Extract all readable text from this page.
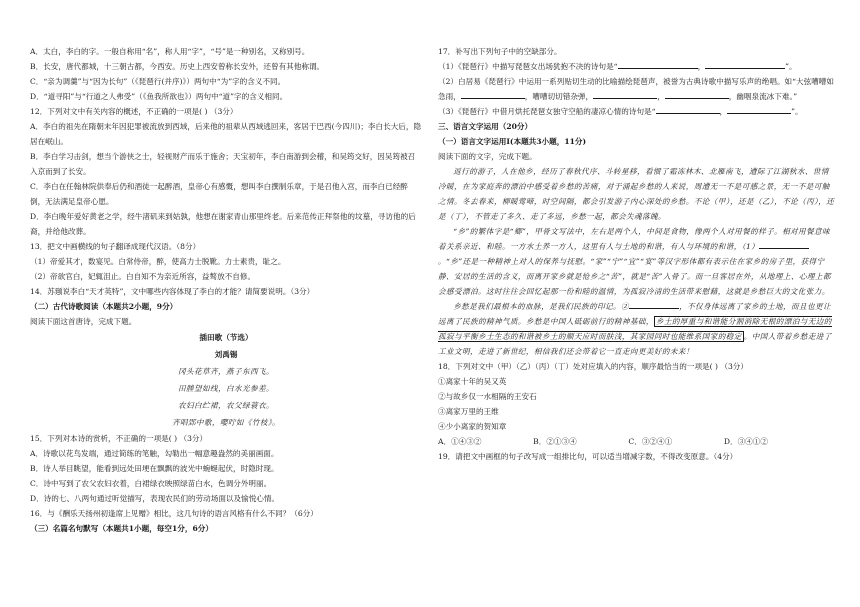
A．太白，李白的字。一般自称用“名”，称人用“字”，“号”是一种别名，又称别号。

B．长安，唐代都城，十三朝古都，今西安。历史上西安曾称长安外，还曾有其他称谓。

C．“亲为调羹”与“因为长句”（《琵琶行(并序)》）两句中“为”字的含义不同。

D．“道寻阳”与“行道之人弗受”（《鱼我所欲也》）两句中“道”字的含义相同。

12．下列对文中有关内容的概述，不正确的一项是( ) （3分）

A．李白的祖先在隋朝末年因犯罪被流放到西域，后来他的祖辈从西域逃回来，客居于巴西(今四川)；李白长大后，隐居在岷山。

B．李白学习击剑，想当个游侠之士，轻视财产而乐于施舍；天宝初年，李白南游到会稽，和吴筠交好，因吴筠被召入京而到了长安。

C．李白在任翰林院供奉后仍和酒徒一起醉酒，皇帝心有感慨，想叫李白撰制乐章，于是召他入宫，而李白已经醉倒，无法满足皇帝心愿。

D．李白晚年爱好黄老之学，经牛渚矶来到姑孰，他想在谢家青山那里终老。后来范传正拜祭他的坟墓，寻访他的后裔，并给他改葬。

13．把文中画横线的句子翻译成现代汉语。（8分）

（1）帝爱其才，数宴见。白常侍帝，醉，使高力士脱靴。力士素贵，耻之。

（2）帝欲官白，妃辄沮止。白自知不为亲近所容，益骜放不自修。

14．苏颋说李白“天才英特”，文中哪些内容体现了李白的才能？请简要说明。（3分）

（二）古代诗歌阅读（本题共2小题，9分）

阅读下面这首唐诗，完成下题。

插田歌（节选）
刘禹锡
冈头花草齐，燕子东西飞。
田塍望如线，白水光参差。
农妇白纻裙，农父绿蓑衣。
齐唱郢中歌，嘤咛如《竹枝》。

15．下列对本诗的赏析，不正确的一项是( ) （3分）

A．诗歌以花鸟发端，通过简练的笔触，勾勒出一幅意趣盎然的美丽画面。

B．诗人举目眺望，能看到远处田埂在飘飘的波光中蜿蜒起伏，时隐时现。

C．诗中写到了农父农妇衣着，白裙绿衣映照绿苗白水，色调分外明丽。

D．诗的七、八两句通过听觉描写，表现农民们的劳动场面以及愉悦心情。

16．与《酬乐天扬州初逢席上见赠》相比，这几句诗的语言风格有什么不同？（6分）

（三）名篇名句默写（本题共1小题，每空1分，6分）

17．补写出下列句子中的空缺部分。

（1）《琵琶行》中描写琵琶女出场犹抱不决的诗句是“	，	”。

（2）白居易《琵琶行》中运用一系列贴切生动的比喻描绘琵琶声，被誉为古典诗歌中描写乐声的绝唱。如“大弦嘈嘈如急雨，	，嘈嘈切切错杂弹，	，	，幽咽泉流冰下难。”

（3）《琵琶行》中借月烘托琵琶女独守空船的凄凉心情的诗句是“	，	”。

三、语言文字运用（20分）

（一）语言文字运用Ⅰ(本题共3小题，11分)

阅读下面的文字，完成下题。

返行的游子，人在他乡，经历了春秋代序、斗转星移，看惯了霜冻林木、北雁南飞，遭际了江湖秋水、世情冷暖，在为家庭奔的漂泊中感受着乡愁的苦痛，对于涌起乡愁的人来说，周遭无一不是可感之景，无一不是可触之情。冬去春来，柳暖莺啼，时空间隔，都会引发游子内心深处的乡愁。不论（甲），还是（乙），不论（丙），还是（丁），不管走了多久、走了多远，乡愁一起，都会失魂落魄。

“乡”的繁体字是“鄉”，甲骨文写法中，左右是两个人，中间是食物，像两个人对用餐的样子。相对用餐意味着关系亲近、和睦。一方水土养一方人，这里有人与土地的和谐，有人与环境的和谐，（1）。“乡”还是一种精神上对人的保养与抚慰。“家”“宁”“宜”“宴”等汉字形体都有表示住在家乡的房子里，获得宁静、安居的生活的含义，而离开家乡就是怆乡之“苦”，就是“苦”入骨了。而一旦客居在外，从地理上、心理上都会感受漂泊。这时往往会回忆起那一份和睦的温情，为孤寂冷清的生活带来慰藉，这就是乡愁巨大的文化张力。

乡愁是我们最根本的血脉，是我们民族的印记。②	，不仅身体远离了家乡的土地，而且也更让远离了民族的精神气质。乡愁是中国人砥砺前行的精神基础， 乡土的厚重与和谐能分割消除无根的漂泊与无边的孤寂与平衡乡土生态的和谐被乡土的顺天应时而肤浅，其家园同时也能维系国家的稳定 。中国人带着乡愁走进了工业文明，走进了新世纪，相信我们还会带着它一直走向更美好的未来！

18．下列对文中（甲）（乙）（丙）（丁）处对应填入的内容，顺序最恰当的一项是( ) （3分）

①离家十年的吴又英

②与故乡仅一水相隔的王安石

③离家万里的王维

④少小离家的贺知章

A．①④③②	B．②①③④	C．③②④①	D．③④①②

19．请把文中画框的句子改写成一组排比句，可以适当增减字数，不得改变原意。（4分）
